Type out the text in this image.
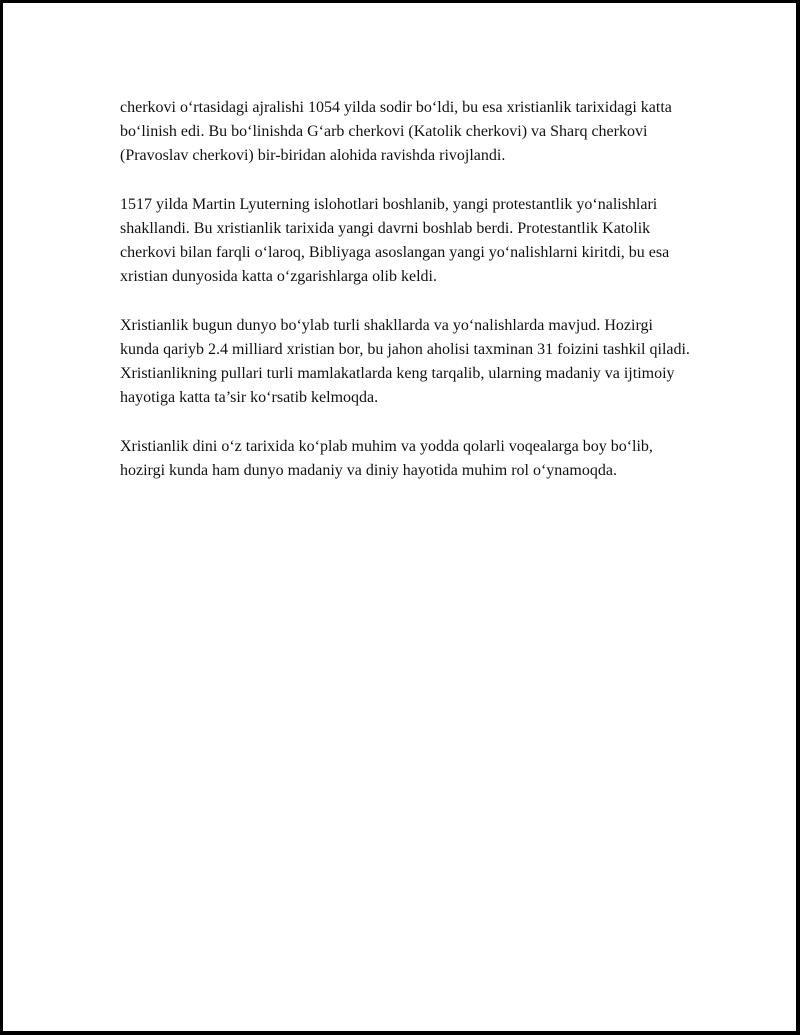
cherkovi o‘rtasidagi ajralishi 1054 yilda sodir bo‘ldi, bu esa xristianlik tarixidagi katta bo‘linish edi. Bu bo‘linishda G‘arb cherkovi (Katolik cherkovi) va Sharq cherkovi (Pravoslav cherkovi) bir-biridan alohida ravishda rivojlandi.

1517 yilda Martin Lyuterning islohotlari boshlanib, yangi protestantlik yo‘nalishlari shakllandi. Bu xristianlik tarixida yangi davrni boshlab berdi. Protestantlik Katolik cherkovi bilan farqli o‘laroq, Bibliyaga asoslangan yangi yo‘nalishlarni kiritdi, bu esa xristian dunyosida katta o‘zgarishlarga olib keldi.

Xristianlik bugun dunyo bo‘ylab turli shakllarda va yo‘nalishlarda mavjud. Hozirgi kunda qariyb 2.4 milliard xristian bor, bu jahon aholisi taxminan 31 foizini tashkil qiladi. Xristianlikning pullari turli mamlakatlarda keng tarqalib, ularning madaniy va ijtimoiy hayotiga katta ta’sir ko‘rsatib kelmoqda.

Xristianlik dini o‘z tarixida ko‘plab muhim va yodda qolarli voqealarga boy bo‘lib, hozirgi kunda ham dunyo madaniy va diniy hayotida muhim rol o‘ynamoqda.
